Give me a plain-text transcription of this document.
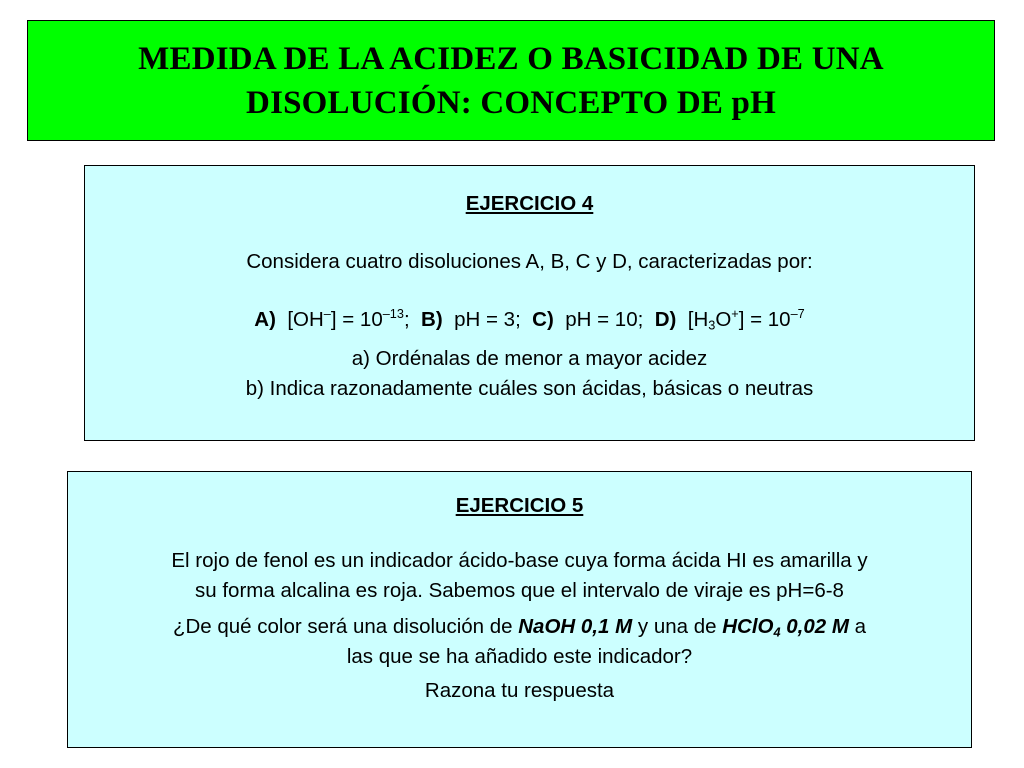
MEDIDA DE LA ACIDEZ O BASICIDAD DE UNA
DISOLUCIÓN: CONCEPTO DE pH
EJERCICIO 4
Considera cuatro disoluciones A, B, C y D, caracterizadas por:
A) $[OH^-] = 10^{-13}$; B) pH = 3; C) pH = 10; D) $[H_3O^+] = 10^{-7}$
a) Ordénalas de menor a mayor acidez
b) Indica razonadamente cuáles son ácidas, básicas o neutras
EJERCICIO 5
El rojo de fenol es un indicador ácido-base cuya forma ácida HI es amarilla y
su forma alcalina es roja. Sabemos que el intervalo de viraje es pH=6-8
¿De qué color será una disolución de NaOH 0,1 M y una de HClO$_4$ 0,02 M a
las que se ha añadido este indicador?
Razona tu respuesta
